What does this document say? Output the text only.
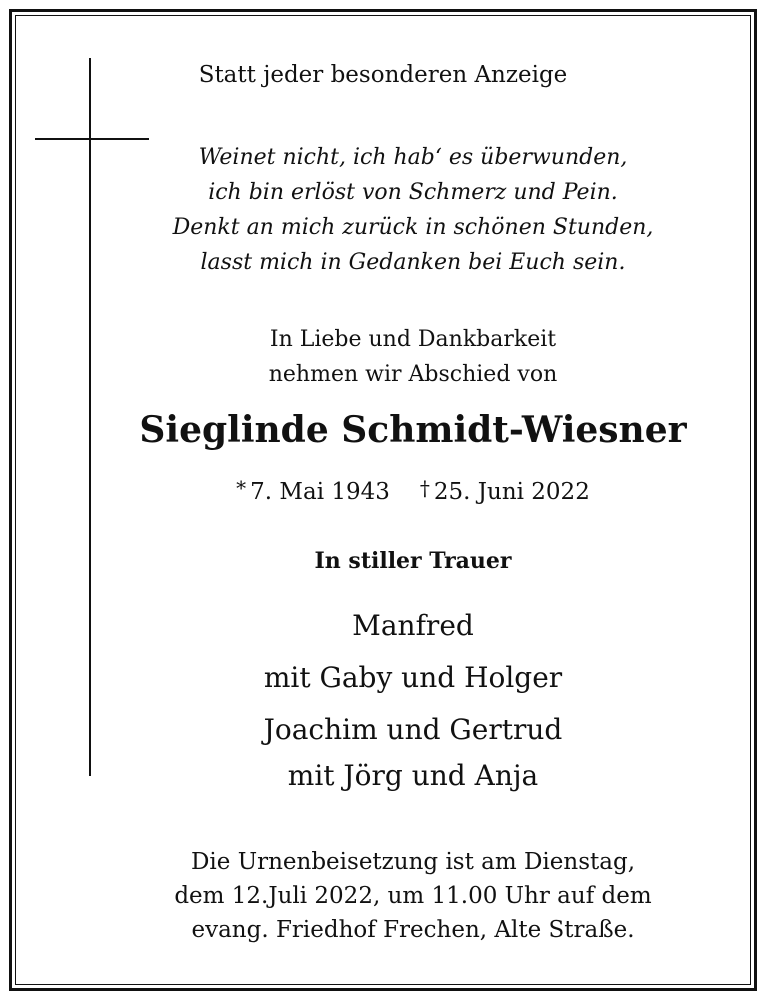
Statt jeder besonderen Anzeige
Weinet nicht, ich hab‘ es überwunden,
ich bin erlöst von Schmerz und Pein.
Denkt an mich zurück in schönen Stunden,
lasst mich in Gedanken bei Euch sein.
In Liebe und Dankbarkeit
nehmen wir Abschied von
Sieglinde Schmidt-Wiesner
* 7. Mai 1943 † 25. Juni 2022
In stiller Trauer
Manfred
mit Gaby und Holger
Joachim und Gertrud
mit Jörg und Anja
Die Urnenbeisetzung ist am Dienstag,
dem 12.Juli 2022, um 11.00 Uhr auf dem
evang. Friedhof Frechen, Alte Straße.
